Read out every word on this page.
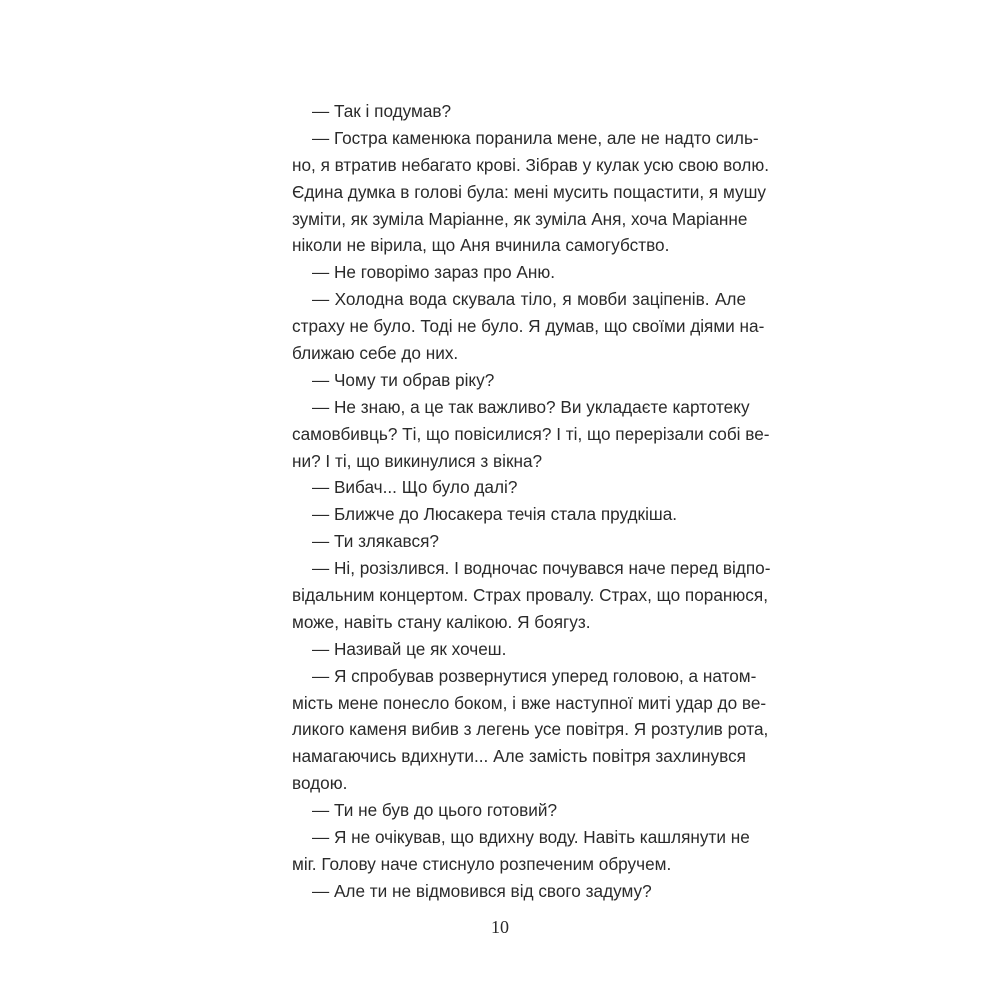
— Так і подумав?
— Гостра каменюка поранила мене, але не надто силь-
но, я втратив небагато крові. Зібрав у кулак усю свою волю.
Єдина думка в голові була: мені мусить пощастити, я мушу
зуміти, як зуміла Маріанне, як зуміла Аня, хоча Маріанне
ніколи не вірила, що Аня вчинила самогубство.
— Не говорімо зараз про Аню.
— Холодна вода скувала тіло, я мовби заціпенів. Але
страху не було. Тоді не було. Я думав, що своїми діями на-
ближаю себе до них.
— Чому ти обрав ріку?
— Не знаю, а це так важливо? Ви укладаєте картотеку
самовбивць? Ті, що повісилися? І ті, що перерізали собі ве-
ни? І ті, що викинулися з вікна?
— Вибач... Що було далі?
— Ближче до Люсакера течія стала прудкіша.
— Ти злякався?
— Ні, розізлився. І водночас почувався наче перед відпо-
відальним концертом. Страх провалу. Страх, що поранюся,
може, навіть стану калікою. Я боягуз.
— Називай це як хочеш.
— Я спробував розвернутися уперед головою, а натом-
мість мене понесло боком, і вже наступної миті удар до ве-
ликого каменя вибив з легень усе повітря. Я розтулив рота,
намагаючись вдихнути... Але замість повітря захлинувся
водою.
— Ти не був до цього готовий?
— Я не очікував, що вдихну воду. Навіть кашлянути не
міг. Голову наче стиснуло розпеченим обручем.
— Але ти не відмовився від свого задуму?
10
